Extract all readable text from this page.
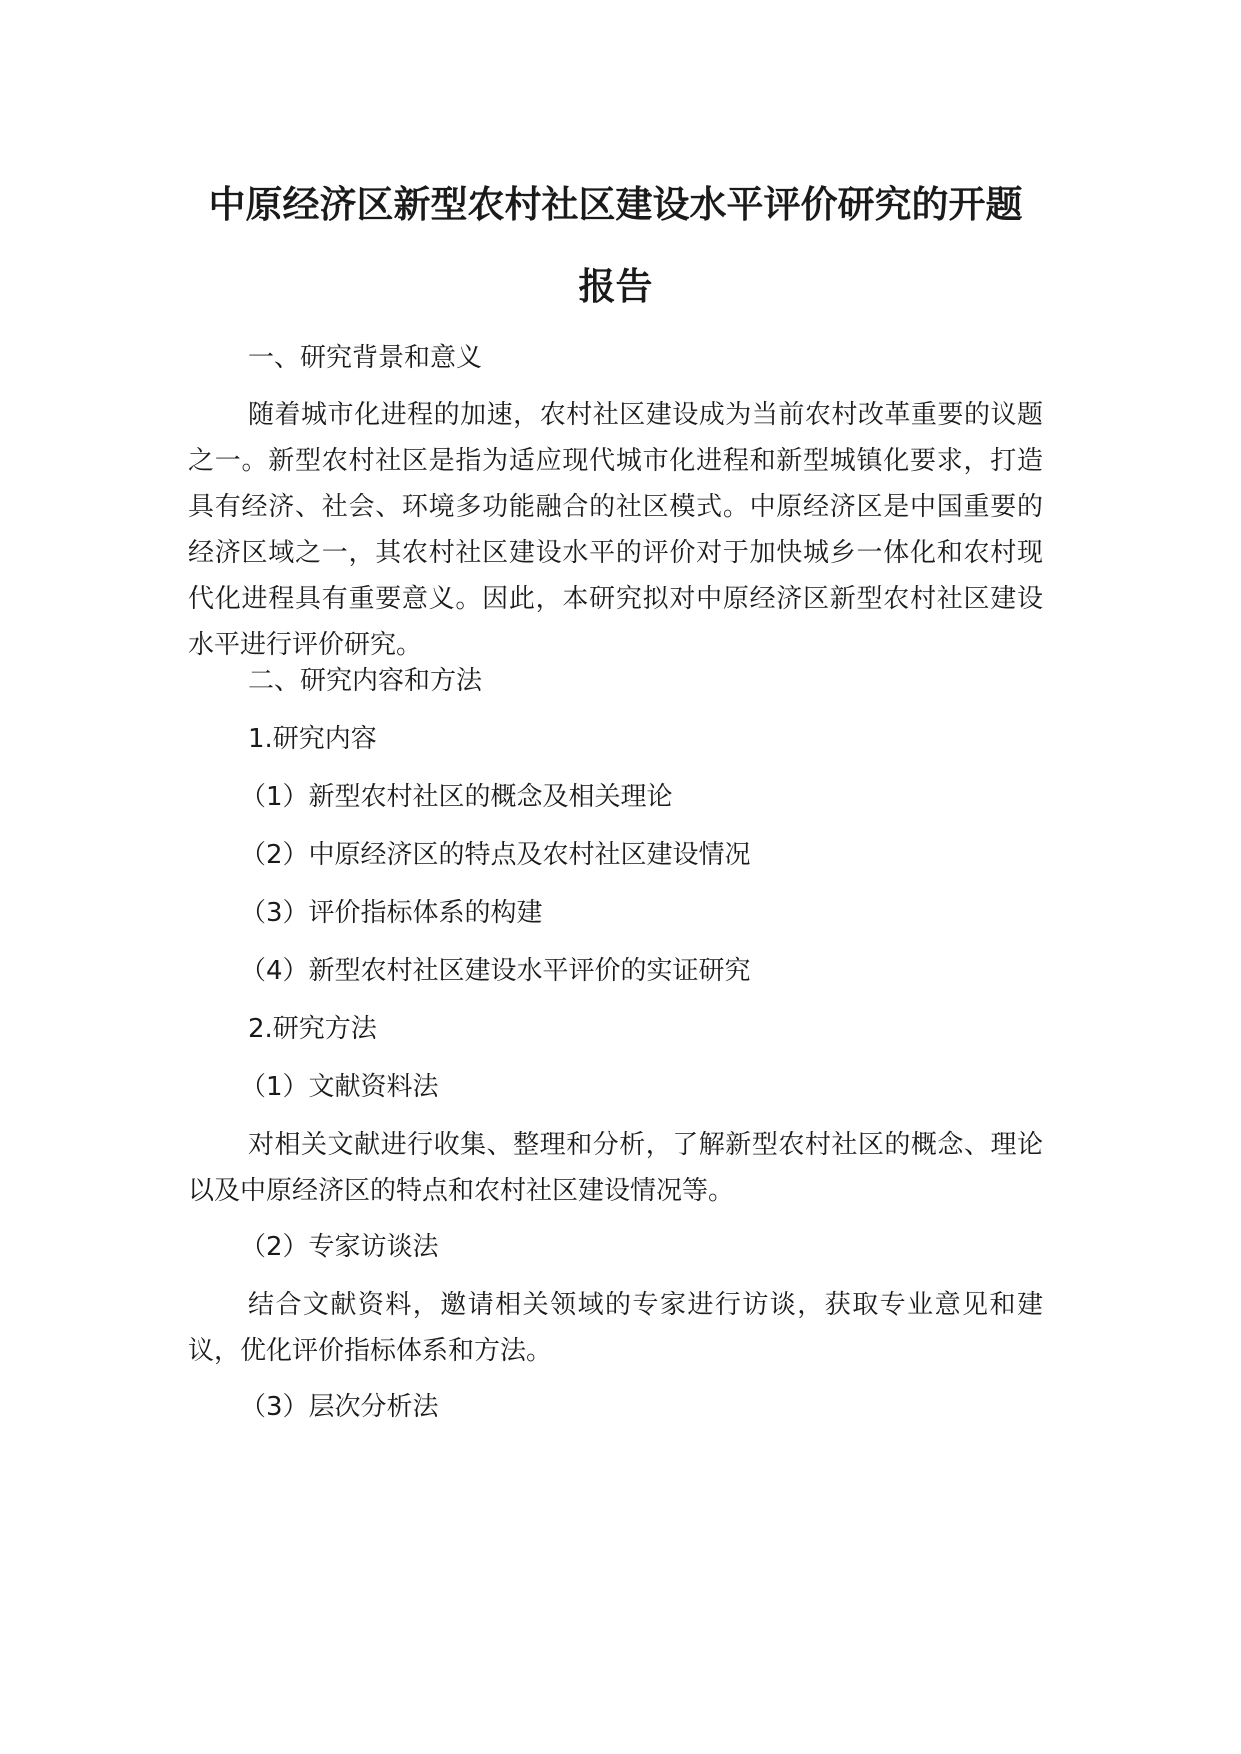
中原经济区新型农村社区建设水平评价研究的开题
报告

一、研究背景和意义

随着城市化进程的加速，农村社区建设成为当前农村改革重要的议题之一。新型农村社区是指为适应现代城市化进程和新型城镇化要求，打造具有经济、社会、环境多功能融合的社区模式。中原经济区是中国重要的经济区域之一，其农村社区建设水平的评价对于加快城乡一体化和农村现代化进程具有重要意义。因此，本研究拟对中原经济区新型农村社区建设水平进行评价研究。

二、研究内容和方法

1.研究内容

（1）新型农村社区的概念及相关理论

（2）中原经济区的特点及农村社区建设情况

（3）评价指标体系的构建

（4）新型农村社区建设水平评价的实证研究

2.研究方法

（1）文献资料法

对相关文献进行收集、整理和分析，了解新型农村社区的概念、理论以及中原经济区的特点和农村社区建设情况等。

（2）专家访谈法

结合文献资料，邀请相关领域的专家进行访谈，获取专业意见和建议，优化评价指标体系和方法。

（3）层次分析法
